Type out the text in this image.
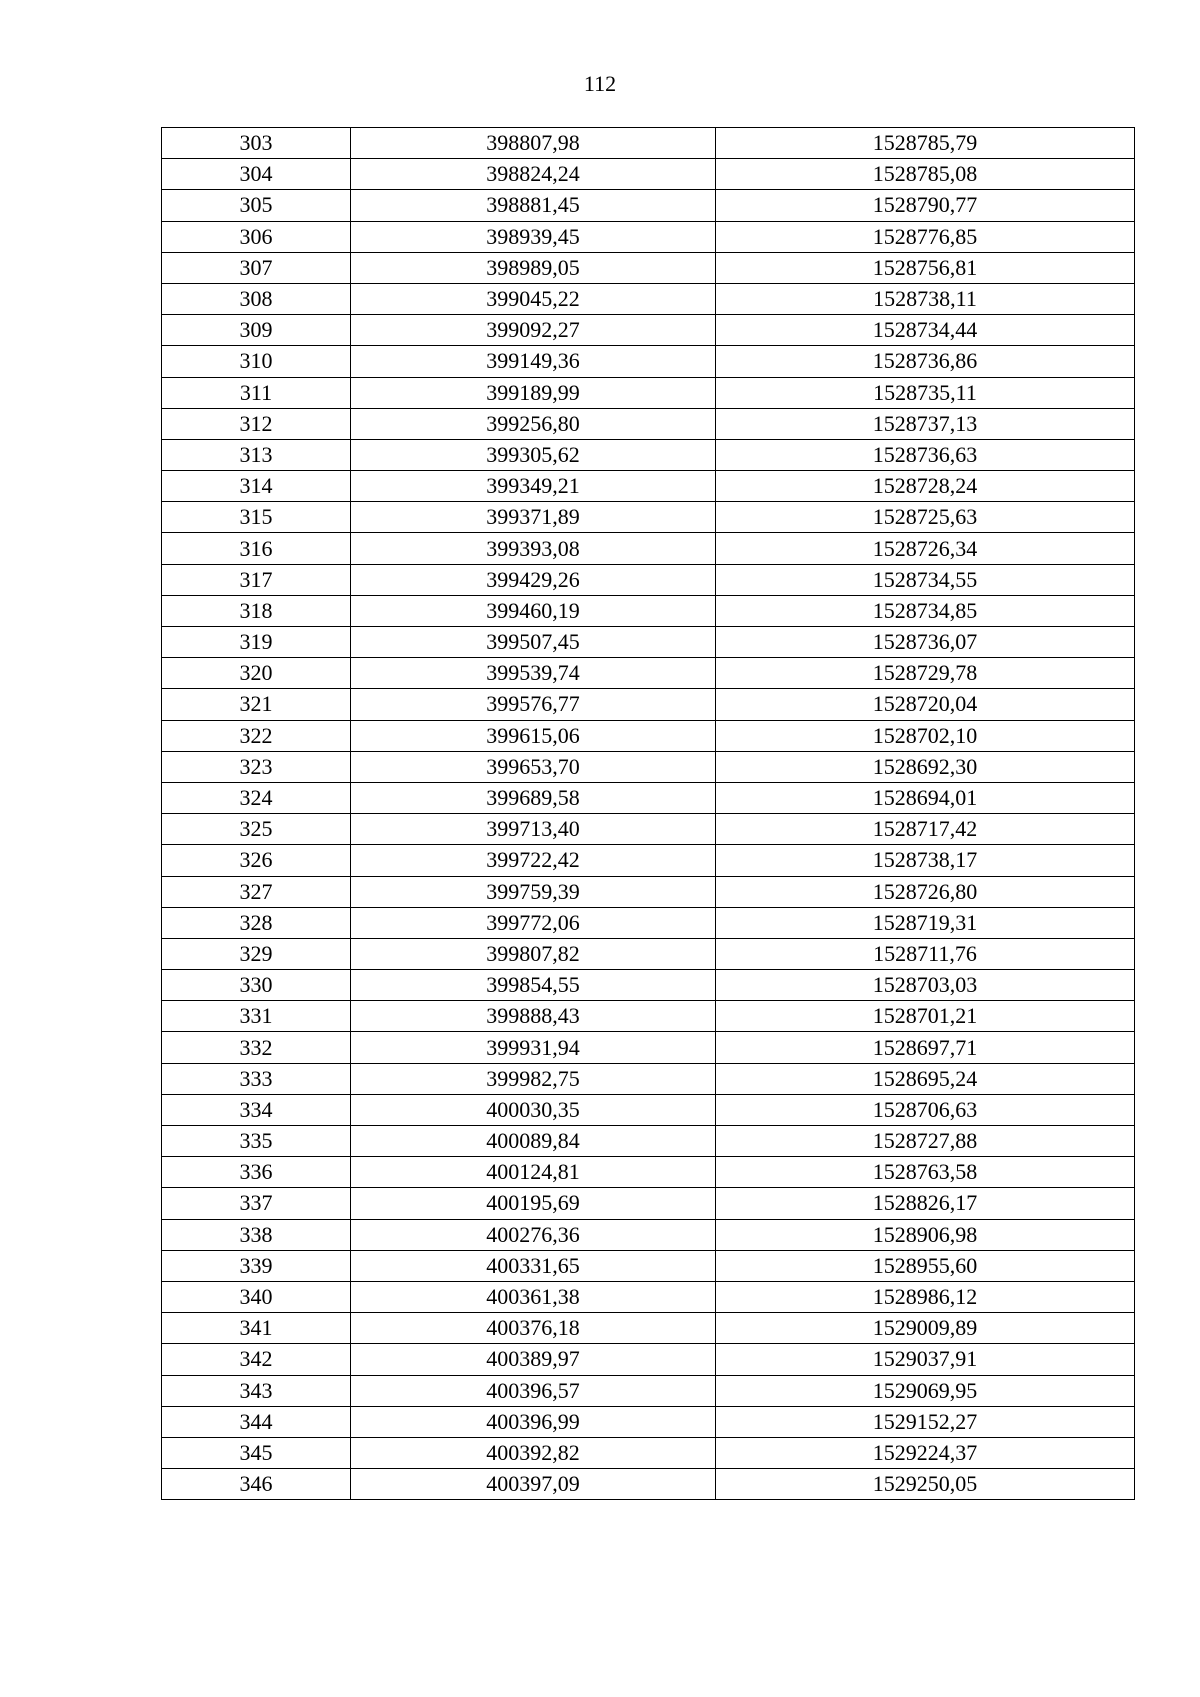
112
303	398807,98	1528785,79
304	398824,24	1528785,08
305	398881,45	1528790,77
306	398939,45	1528776,85
307	398989,05	1528756,81
308	399045,22	1528738,11
309	399092,27	1528734,44
310	399149,36	1528736,86
311	399189,99	1528735,11
312	399256,80	1528737,13
313	399305,62	1528736,63
314	399349,21	1528728,24
315	399371,89	1528725,63
316	399393,08	1528726,34
317	399429,26	1528734,55
318	399460,19	1528734,85
319	399507,45	1528736,07
320	399539,74	1528729,78
321	399576,77	1528720,04
322	399615,06	1528702,10
323	399653,70	1528692,30
324	399689,58	1528694,01
325	399713,40	1528717,42
326	399722,42	1528738,17
327	399759,39	1528726,80
328	399772,06	1528719,31
329	399807,82	1528711,76
330	399854,55	1528703,03
331	399888,43	1528701,21
332	399931,94	1528697,71
333	399982,75	1528695,24
334	400030,35	1528706,63
335	400089,84	1528727,88
336	400124,81	1528763,58
337	400195,69	1528826,17
338	400276,36	1528906,98
339	400331,65	1528955,60
340	400361,38	1528986,12
341	400376,18	1529009,89
342	400389,97	1529037,91
343	400396,57	1529069,95
344	400396,99	1529152,27
345	400392,82	1529224,37
346	400397,09	1529250,05
